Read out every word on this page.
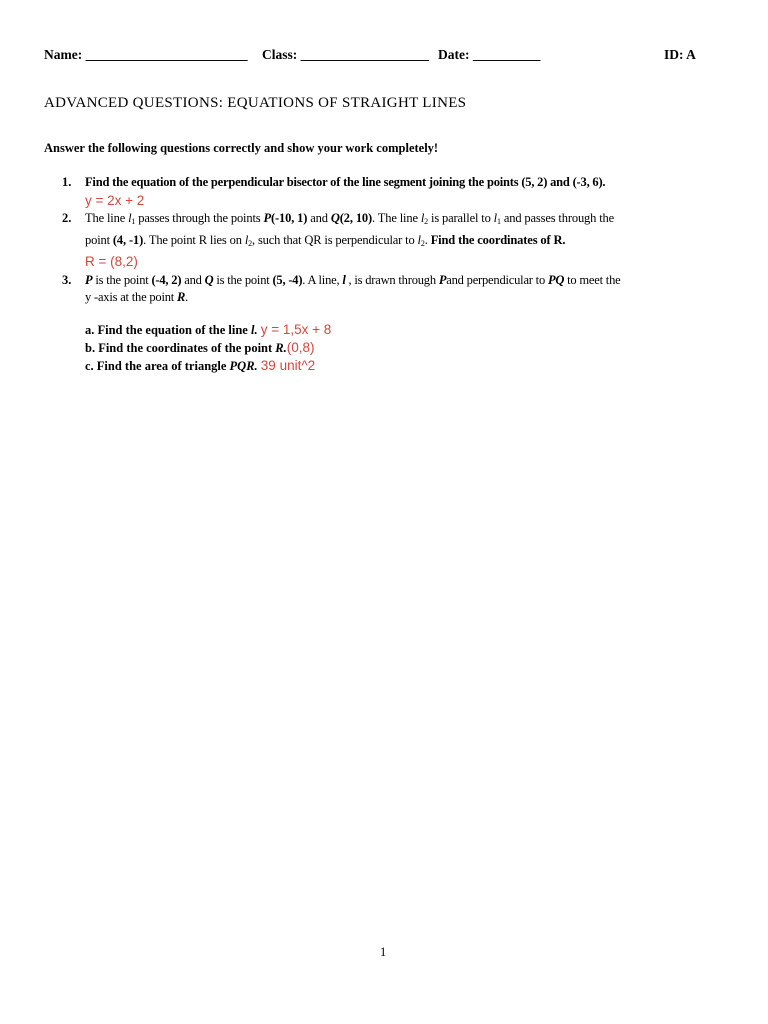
Name: ________________________ Class: ___________________ Date: __________	ID: A
ADVANCED QUESTIONS: EQUATIONS OF STRAIGHT LINES
Answer the following questions correctly and show your work completely!
1. Find the equation of the perpendicular bisector of the line segment joining the points (5, 2) and (-3, 6).
y = 2x + 2
2. The line $l_1$ passes through the points P(-10, 1) and Q(2, 10). The line $l_2$ is parallel to $l_1$ and passes through the
point (4, -1). The point R lies on $l_2$, such that QR is perpendicular to $l_2$. Find the coordinates of R.
R = (8,2)
3. P is the point (-4, 2) and Q is the point (5, -4). A line, l , is drawn through Pand perpendicular to PQ to meet the
y -axis at the point R.
a. Find the equation of the line l. y = 1,5x + 8
b. Find the coordinates of the point R.(0,8)
c. Find the area of triangle PQR. 39 unit^2
1
